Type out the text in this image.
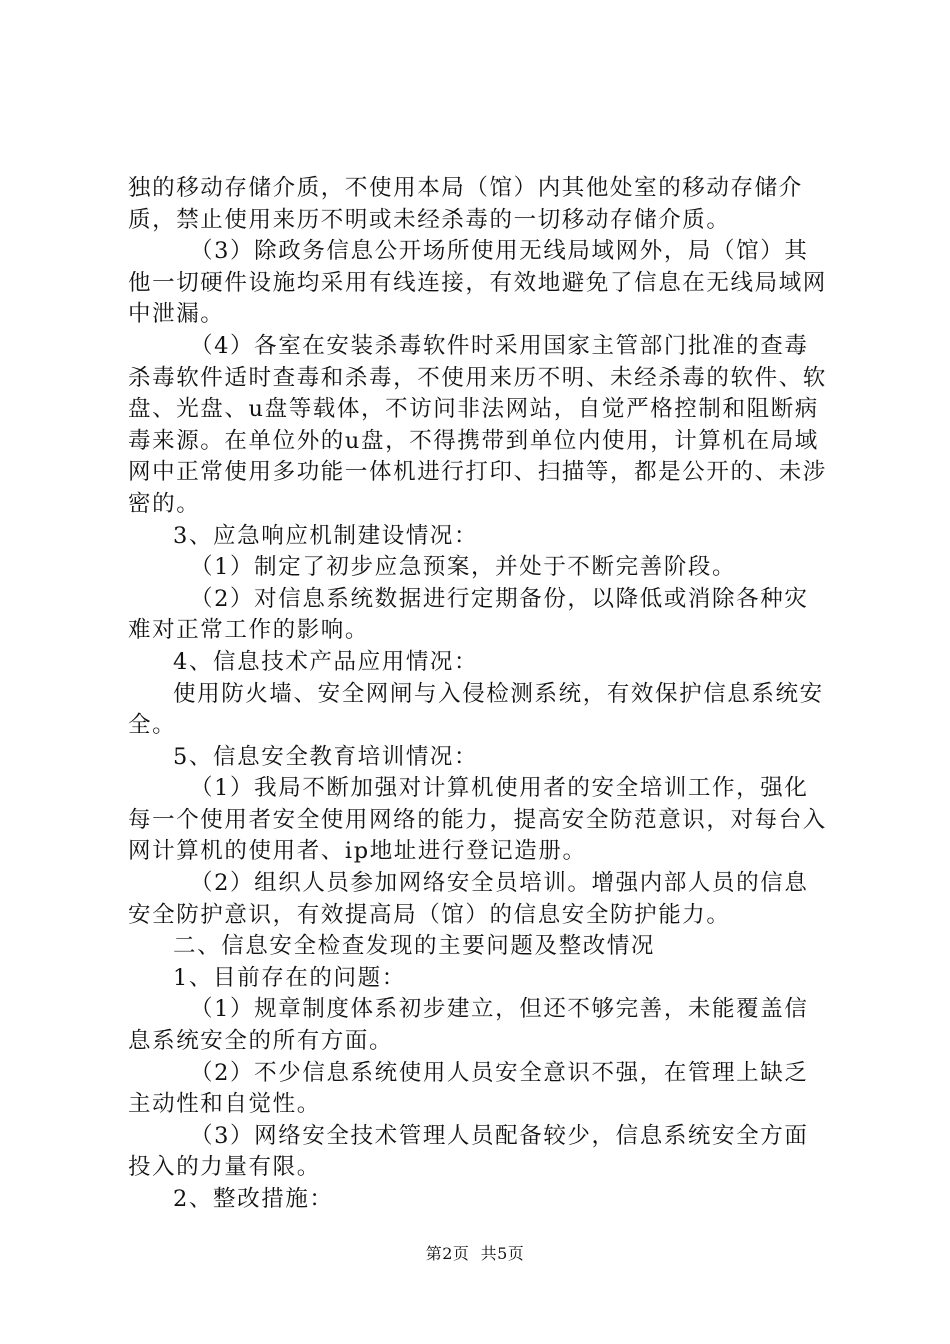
独的移动存储介质，不使用本局（馆）内其他处室的移动存储介质，禁止使用来历不明或未经杀毒的一切移动存储介质。

（3）除政务信息公开场所使用无线局域网外，局（馆）其他一切硬件设施均采用有线连接，有效地避免了信息在无线局域网中泄漏。

（4）各室在安装杀毒软件时采用国家主管部门批准的查毒杀毒软件适时查毒和杀毒，不使用来历不明、未经杀毒的软件、软盘、光盘、u盘等载体，不访问非法网站，自觉严格控制和阻断病毒来源。在单位外的u盘，不得携带到单位内使用，计算机在局域网中正常使用多功能一体机进行打印、扫描等，都是公开的、未涉密的。

3、应急响应机制建设情况：

（1）制定了初步应急预案，并处于不断完善阶段。

（2）对信息系统数据进行定期备份，以降低或消除各种灾难对正常工作的影响。

4、信息技术产品应用情况：

使用防火墙、安全网闸与入侵检测系统，有效保护信息系统安全。

5、信息安全教育培训情况：

（1）我局不断加强对计算机使用者的安全培训工作，强化每一个使用者安全使用网络的能力，提高安全防范意识，对每台入网计算机的使用者、ip地址进行登记造册。

（2）组织人员参加网络安全员培训。增强内部人员的信息安全防护意识，有效提高局（馆）的信息安全防护能力。

二、信息安全检查发现的主要问题及整改情况

1、目前存在的问题：

（1）规章制度体系初步建立，但还不够完善，未能覆盖信息系统安全的所有方面。

（2）不少信息系统使用人员安全意识不强，在管理上缺乏主动性和自觉性。

（3）网络安全技术管理人员配备较少，信息系统安全方面投入的力量有限。

2、整改措施：

第2页 共5页
